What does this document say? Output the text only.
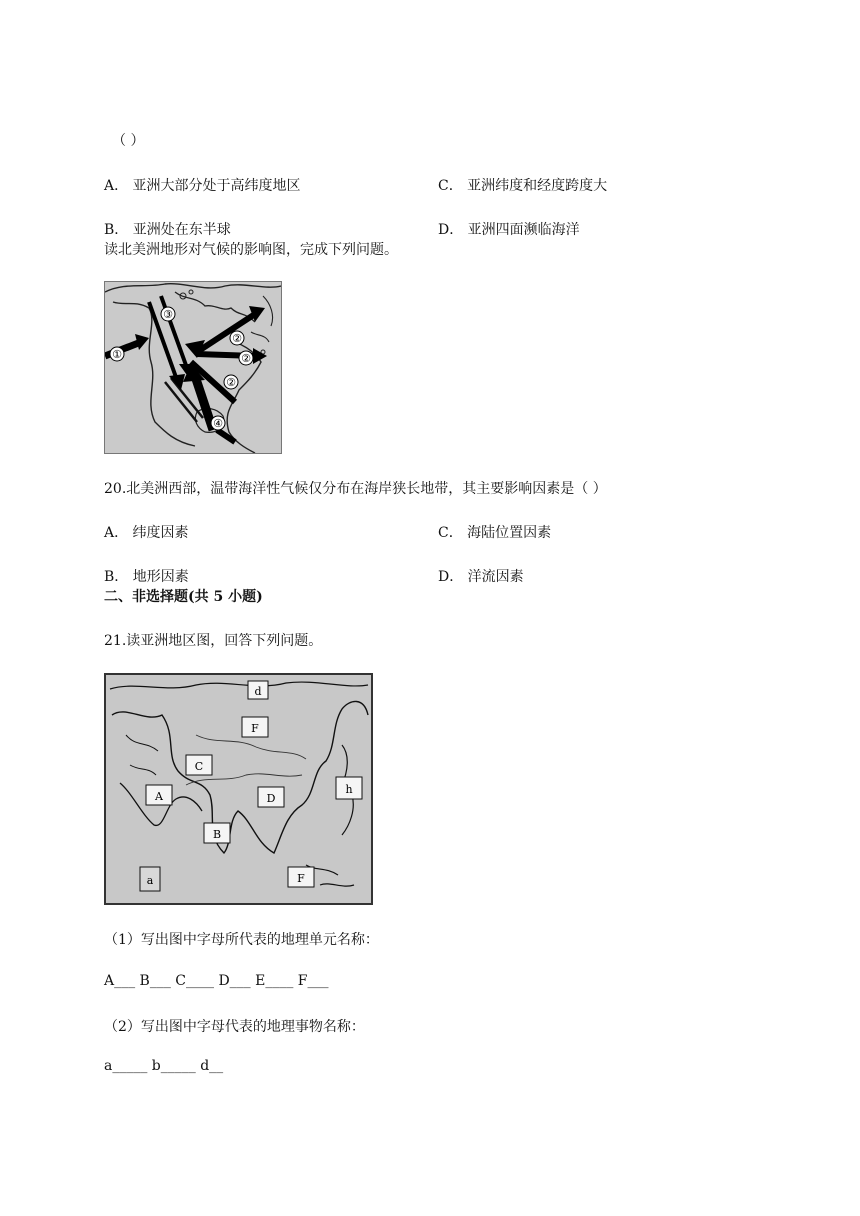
（ ）
A． 亚洲大部分处于高纬度地区	C． 亚洲纬度和经度跨度大
B． 亚洲处在东半球	D． 亚洲四面濒临海洋
读北美洲地形对气候的影响图，完成下列问题。
①
②
②
②
③
④
20.北美洲西部，温带海洋性气候仅分布在海岸狭长地带，其主要影响因素是（ ）
A． 纬度因素	C． 海陆位置因素
B． 地形因素	D． 洋流因素
二、非选择题(共 5 小题)
21.读亚洲地区图，回答下列问题。
d
F
C
A	D
h
B
a	F
（1）写出图中字母所代表的地理单元名称：
A___ B___ C____ D___ E____ F___
（2）写出图中字母代表的地理事物名称：
a_____ b_____ d__
